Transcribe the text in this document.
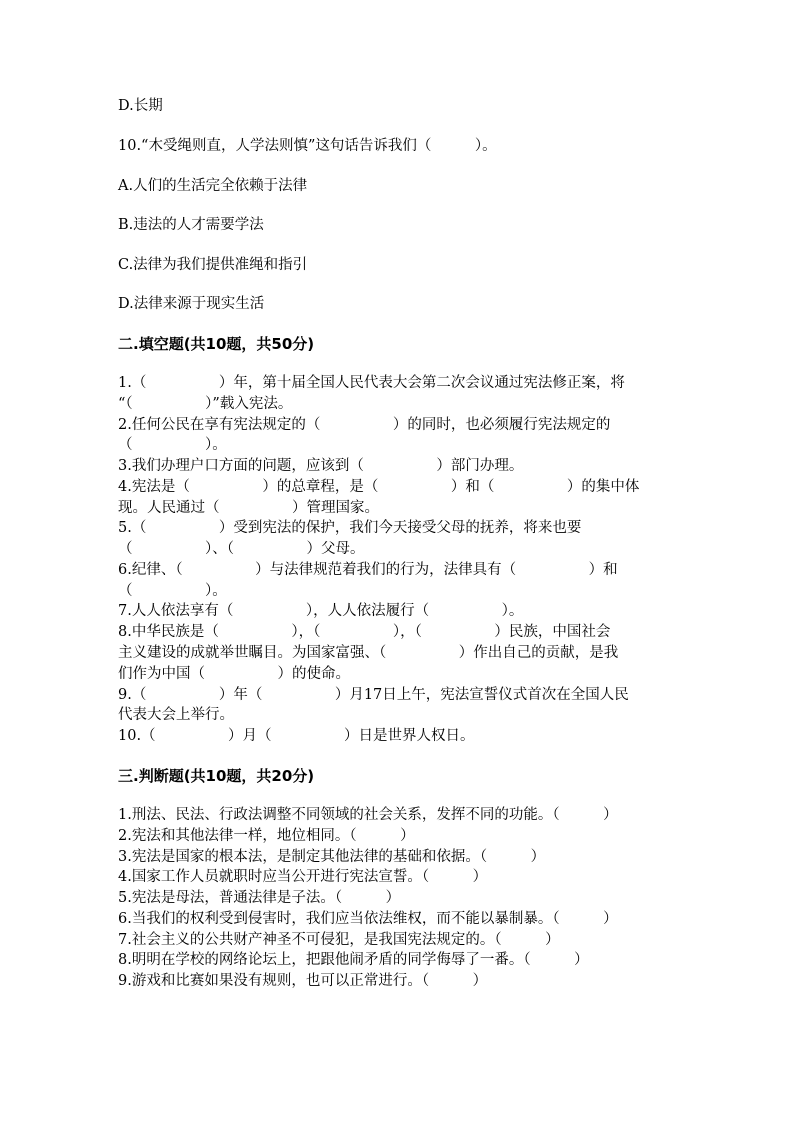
D.长期
10.“木受绳则直，人学法则慎”这句话告诉我们（　　　）。
A.人们的生活完全依赖于法律
B.违法的人才需要学法
C.法律为我们提供准绳和指引
D.法律来源于现实生活
二.填空题(共10题，共50分)
1.（　　　　　）年，第十届全国人民代表大会第二次会议通过宪法修正案，将
“（　　　　　）”载入宪法。
2.任何公民在享有宪法规定的（　　　　　）的同时，也必须履行宪法规定的
（　　　　　）。
3.我们办理户口方面的问题，应该到（　　　　　）部门办理。
4.宪法是（　　　　　）的总章程，是（　　　　　）和（　　　　　）的集中体
现。人民通过（　　　　　）管理国家。
5.（　　　　　）受到宪法的保护，我们今天接受父母的抚养，将来也要
（　　　　　）、（　　　　　）父母。
6.纪律、（　　　　　）与法律规范着我们的行为，法律具有（　　　　　）和
（　　　　　）。
7.人人依法享有（　　　　　），人人依法履行（　　　　　）。
8.中华民族是（　　　　　），（　　　　　），（　　　　　）民族，中国社会
主义建设的成就举世瞩目。为国家富强、（　　　　　）作出自己的贡献，是我
们作为中国（　　　　　）的使命。
9.（　　　　　）年（　　　　　）月17日上午，宪法宣誓仪式首次在全国人民
代表大会上举行。
10.（　　　　　）月（　　　　　）日是世界人权日。
三.判断题(共10题，共20分)
1.刑法、民法、行政法调整不同领域的社会关系，发挥不同的功能。（　　　）
2.宪法和其他法律一样，地位相同。（　　　）
3.宪法是国家的根本法，是制定其他法律的基础和依据。（　　　）
4.国家工作人员就职时应当公开进行宪法宣誓。（　　　）
5.宪法是母法，普通法律是子法。（　　　）
6.当我们的权利受到侵害时，我们应当依法维权，而不能以暴制暴。（　　　）
7.社会主义的公共财产神圣不可侵犯，是我国宪法规定的。（　　　）
8.明明在学校的网络论坛上，把跟他闹矛盾的同学侮辱了一番。（　　　）
9.游戏和比赛如果没有规则，也可以正常进行。（　　　）
